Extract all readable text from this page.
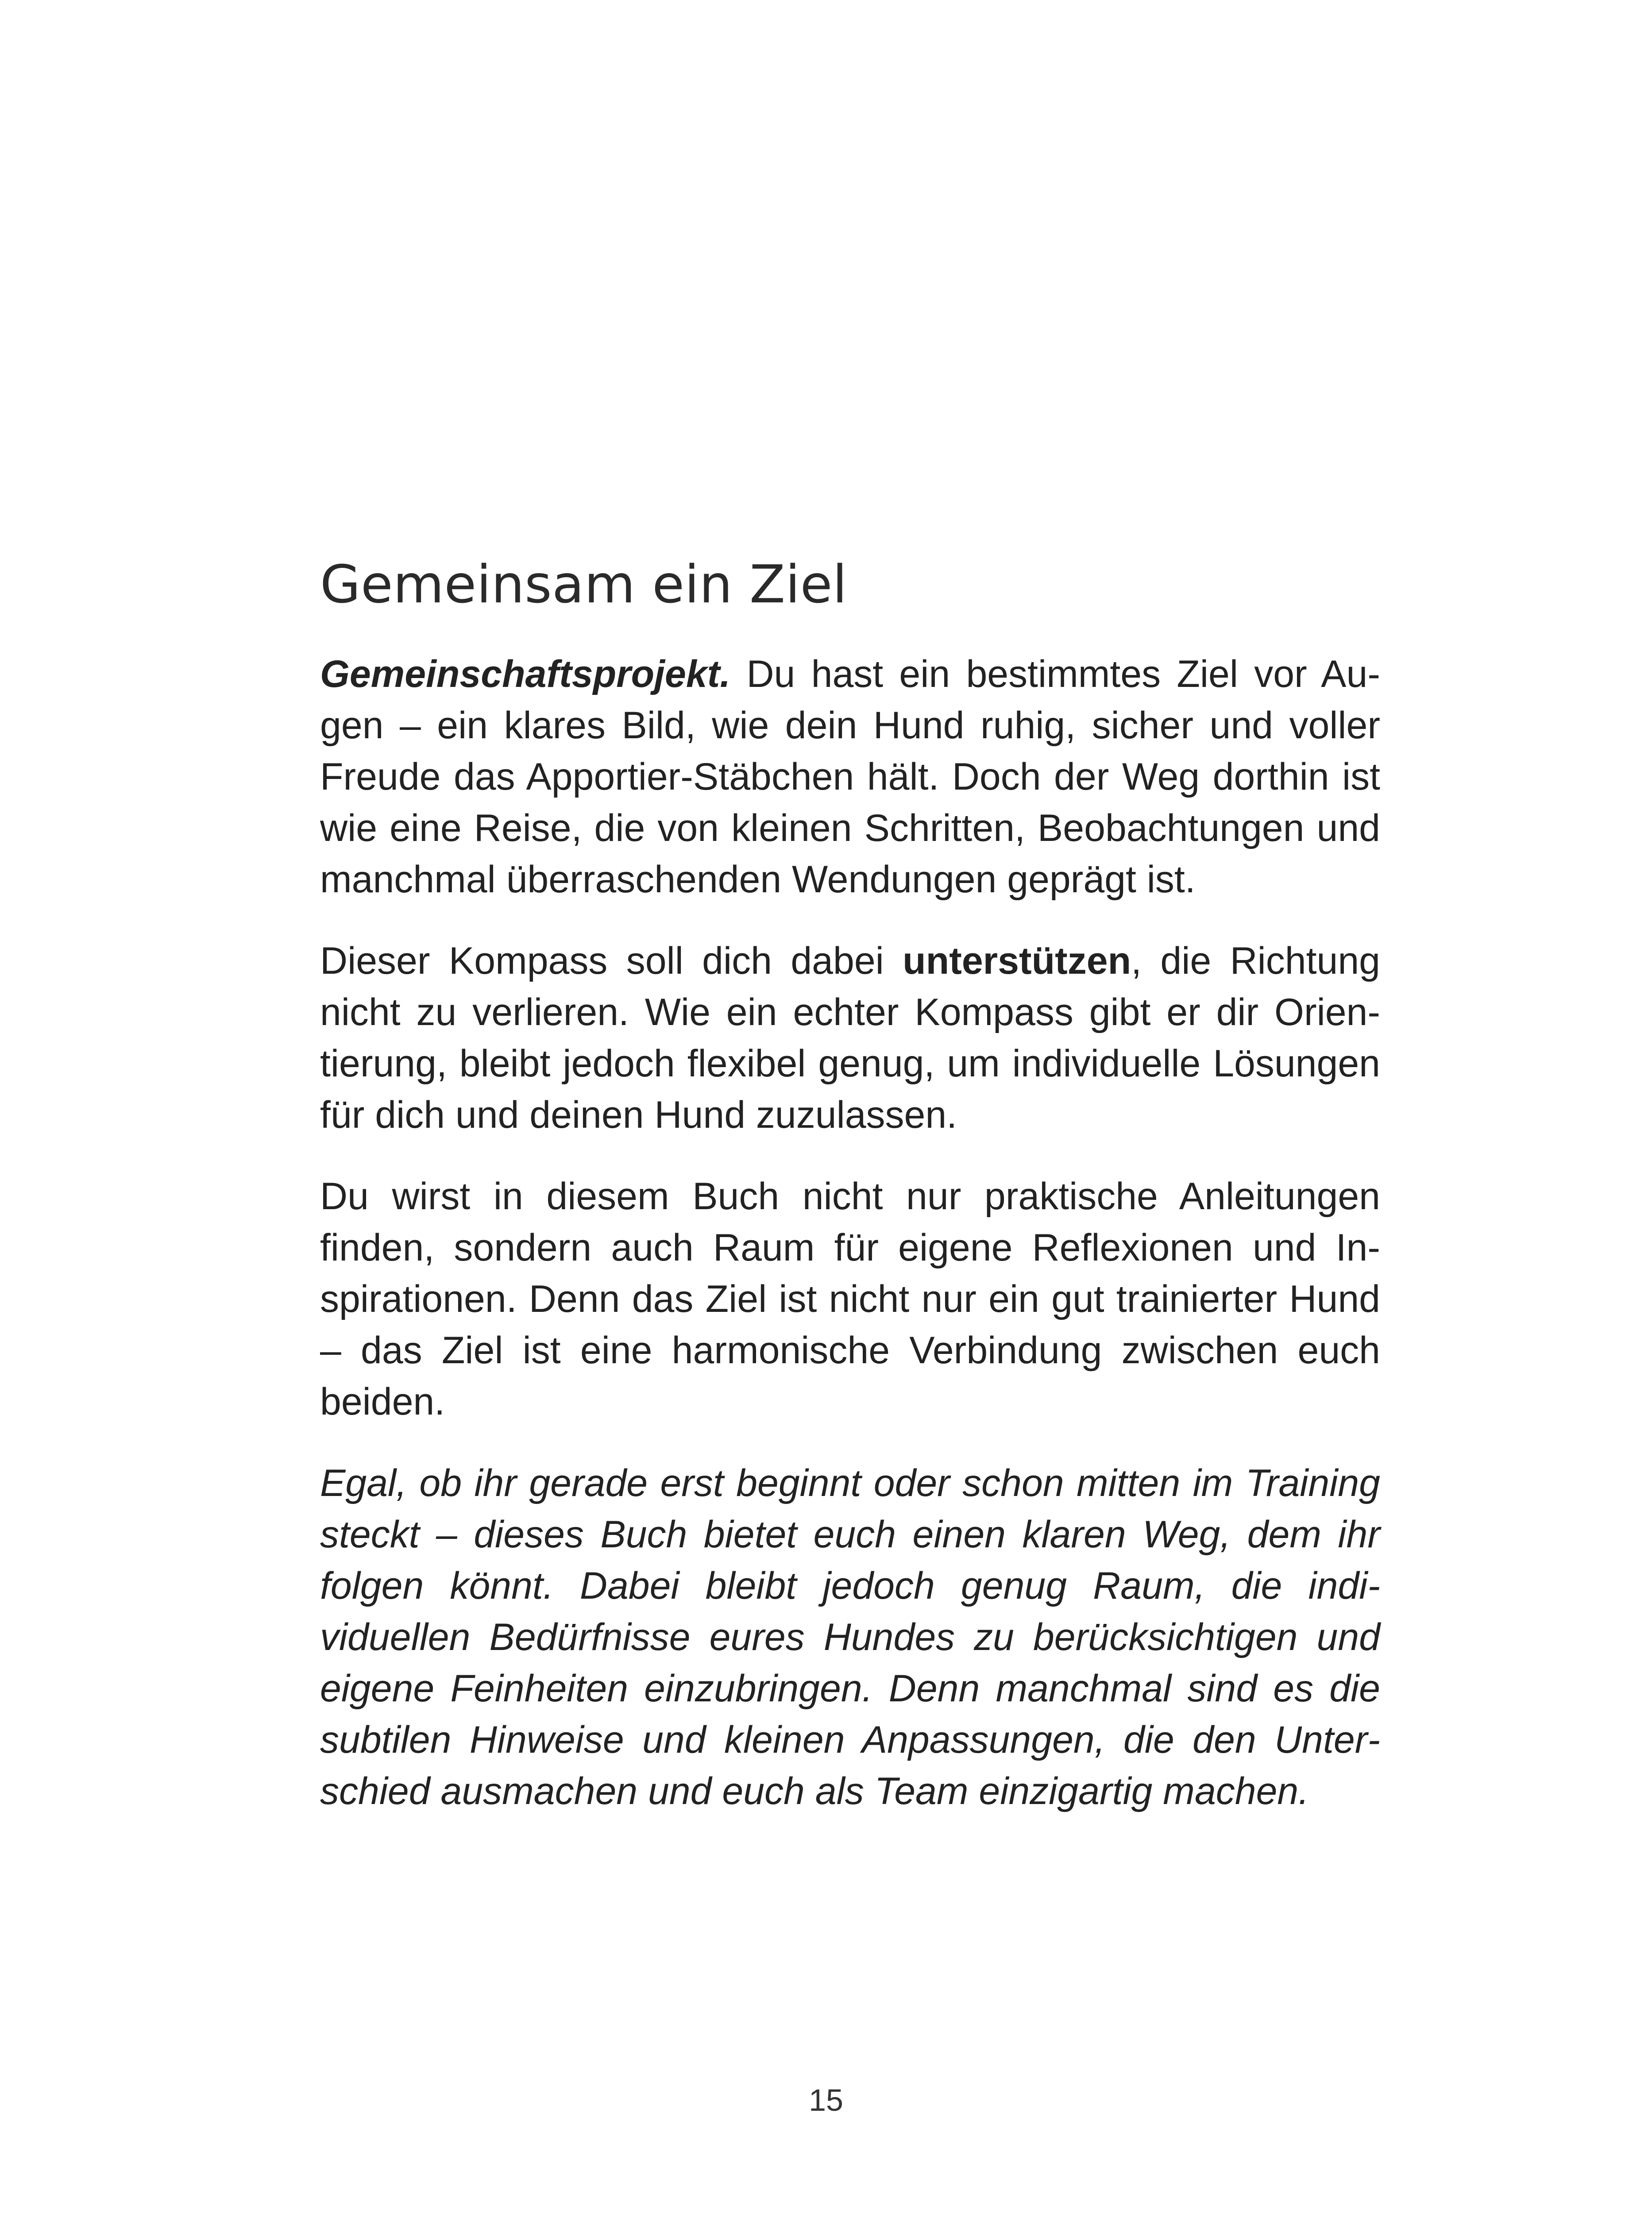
Gemeinsam ein Ziel

Gemeinschaftsprojekt. Du hast ein bestimmtes Ziel vor Augen – ein klares Bild, wie dein Hund ruhig, sicher und voller Freude das Apportier-Stäbchen hält. Doch der Weg dorthin ist wie eine Reise, die von kleinen Schritten, Beobachtungen und manchmal überraschenden Wendungen geprägt ist.

Dieser Kompass soll dich dabei unterstützen, die Richtung nicht zu verlieren. Wie ein echter Kompass gibt er dir Orientierung, bleibt jedoch flexibel genug, um individuelle Lösungen für dich und deinen Hund zuzulassen.

Du wirst in diesem Buch nicht nur praktische Anleitungen finden, sondern auch Raum für eigene Reflexionen und Inspirationen. Denn das Ziel ist nicht nur ein gut trainierter Hund – das Ziel ist eine harmonische Verbindung zwischen euch beiden.

Egal, ob ihr gerade erst beginnt oder schon mitten im Training steckt – dieses Buch bietet euch einen klaren Weg, dem ihr folgen könnt. Dabei bleibt jedoch genug Raum, die individuellen Bedürfnisse eures Hundes zu berücksichtigen und eigene Feinheiten einzubringen. Denn manchmal sind es die subtilen Hinweise und kleinen Anpassungen, die den Unterschied ausmachen und euch als Team einzigartig machen.

15
